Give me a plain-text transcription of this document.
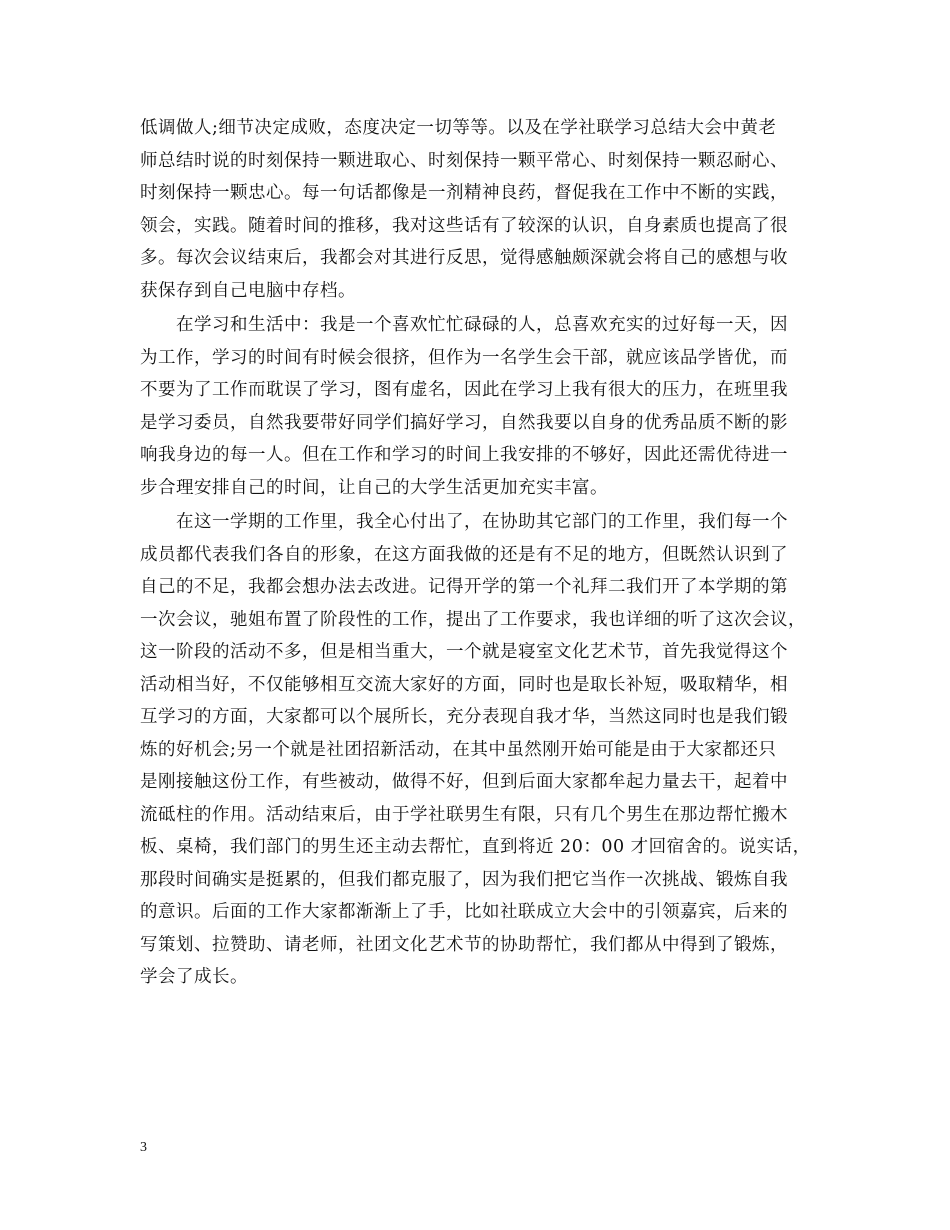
低调做人;细节决定成败，态度决定一切等等。以及在学社联学习总结大会中黄老
师总结时说的时刻保持一颗进取心、时刻保持一颗平常心、时刻保持一颗忍耐心、
时刻保持一颗忠心。每一句话都像是一剂精神良药，督促我在工作中不断的实践，
领会，实践。随着时间的推移，我对这些话有了较深的认识，自身素质也提高了很
多。每次会议结束后，我都会对其进行反思，觉得感触颇深就会将自己的感想与收
获保存到自己电脑中存档。
在学习和生活中：我是一个喜欢忙忙碌碌的人，总喜欢充实的过好每一天，因
为工作，学习的时间有时候会很挤，但作为一名学生会干部，就应该品学皆优，而
不要为了工作而耽误了学习，图有虚名，因此在学习上我有很大的压力，在班里我
是学习委员，自然我要带好同学们搞好学习，自然我要以自身的优秀品质不断的影
响我身边的每一人。但在工作和学习的时间上我安排的不够好，因此还需优待进一
步合理安排自己的时间，让自己的大学生活更加充实丰富。
在这一学期的工作里，我全心付出了，在协助其它部门的工作里，我们每一个
成员都代表我们各自的形象，在这方面我做的还是有不足的地方，但既然认识到了
自己的不足，我都会想办法去改进。记得开学的第一个礼拜二我们开了本学期的第
一次会议，驰姐布置了阶段性的工作，提出了工作要求，我也详细的听了这次会议，
这一阶段的活动不多，但是相当重大，一个就是寝室文化艺术节，首先我觉得这个
活动相当好，不仅能够相互交流大家好的方面，同时也是取长补短，吸取精华，相
互学习的方面，大家都可以个展所长，充分表现自我才华，当然这同时也是我们锻
炼的好机会;另一个就是社团招新活动，在其中虽然刚开始可能是由于大家都还只
是刚接触这份工作，有些被动，做得不好，但到后面大家都牟起力量去干，起着中
流砥柱的作用。活动结束后，由于学社联男生有限，只有几个男生在那边帮忙搬木
板、桌椅，我们部门的男生还主动去帮忙，直到将近 20：00 才回宿舍的。说实话，
那段时间确实是挺累的，但我们都克服了，因为我们把它当作一次挑战、锻炼自我
的意识。后面的工作大家都渐渐上了手，比如社联成立大会中的引领嘉宾，后来的
写策划、拉赞助、请老师，社团文化艺术节的协助帮忙，我们都从中得到了锻炼，
学会了成长。
3
